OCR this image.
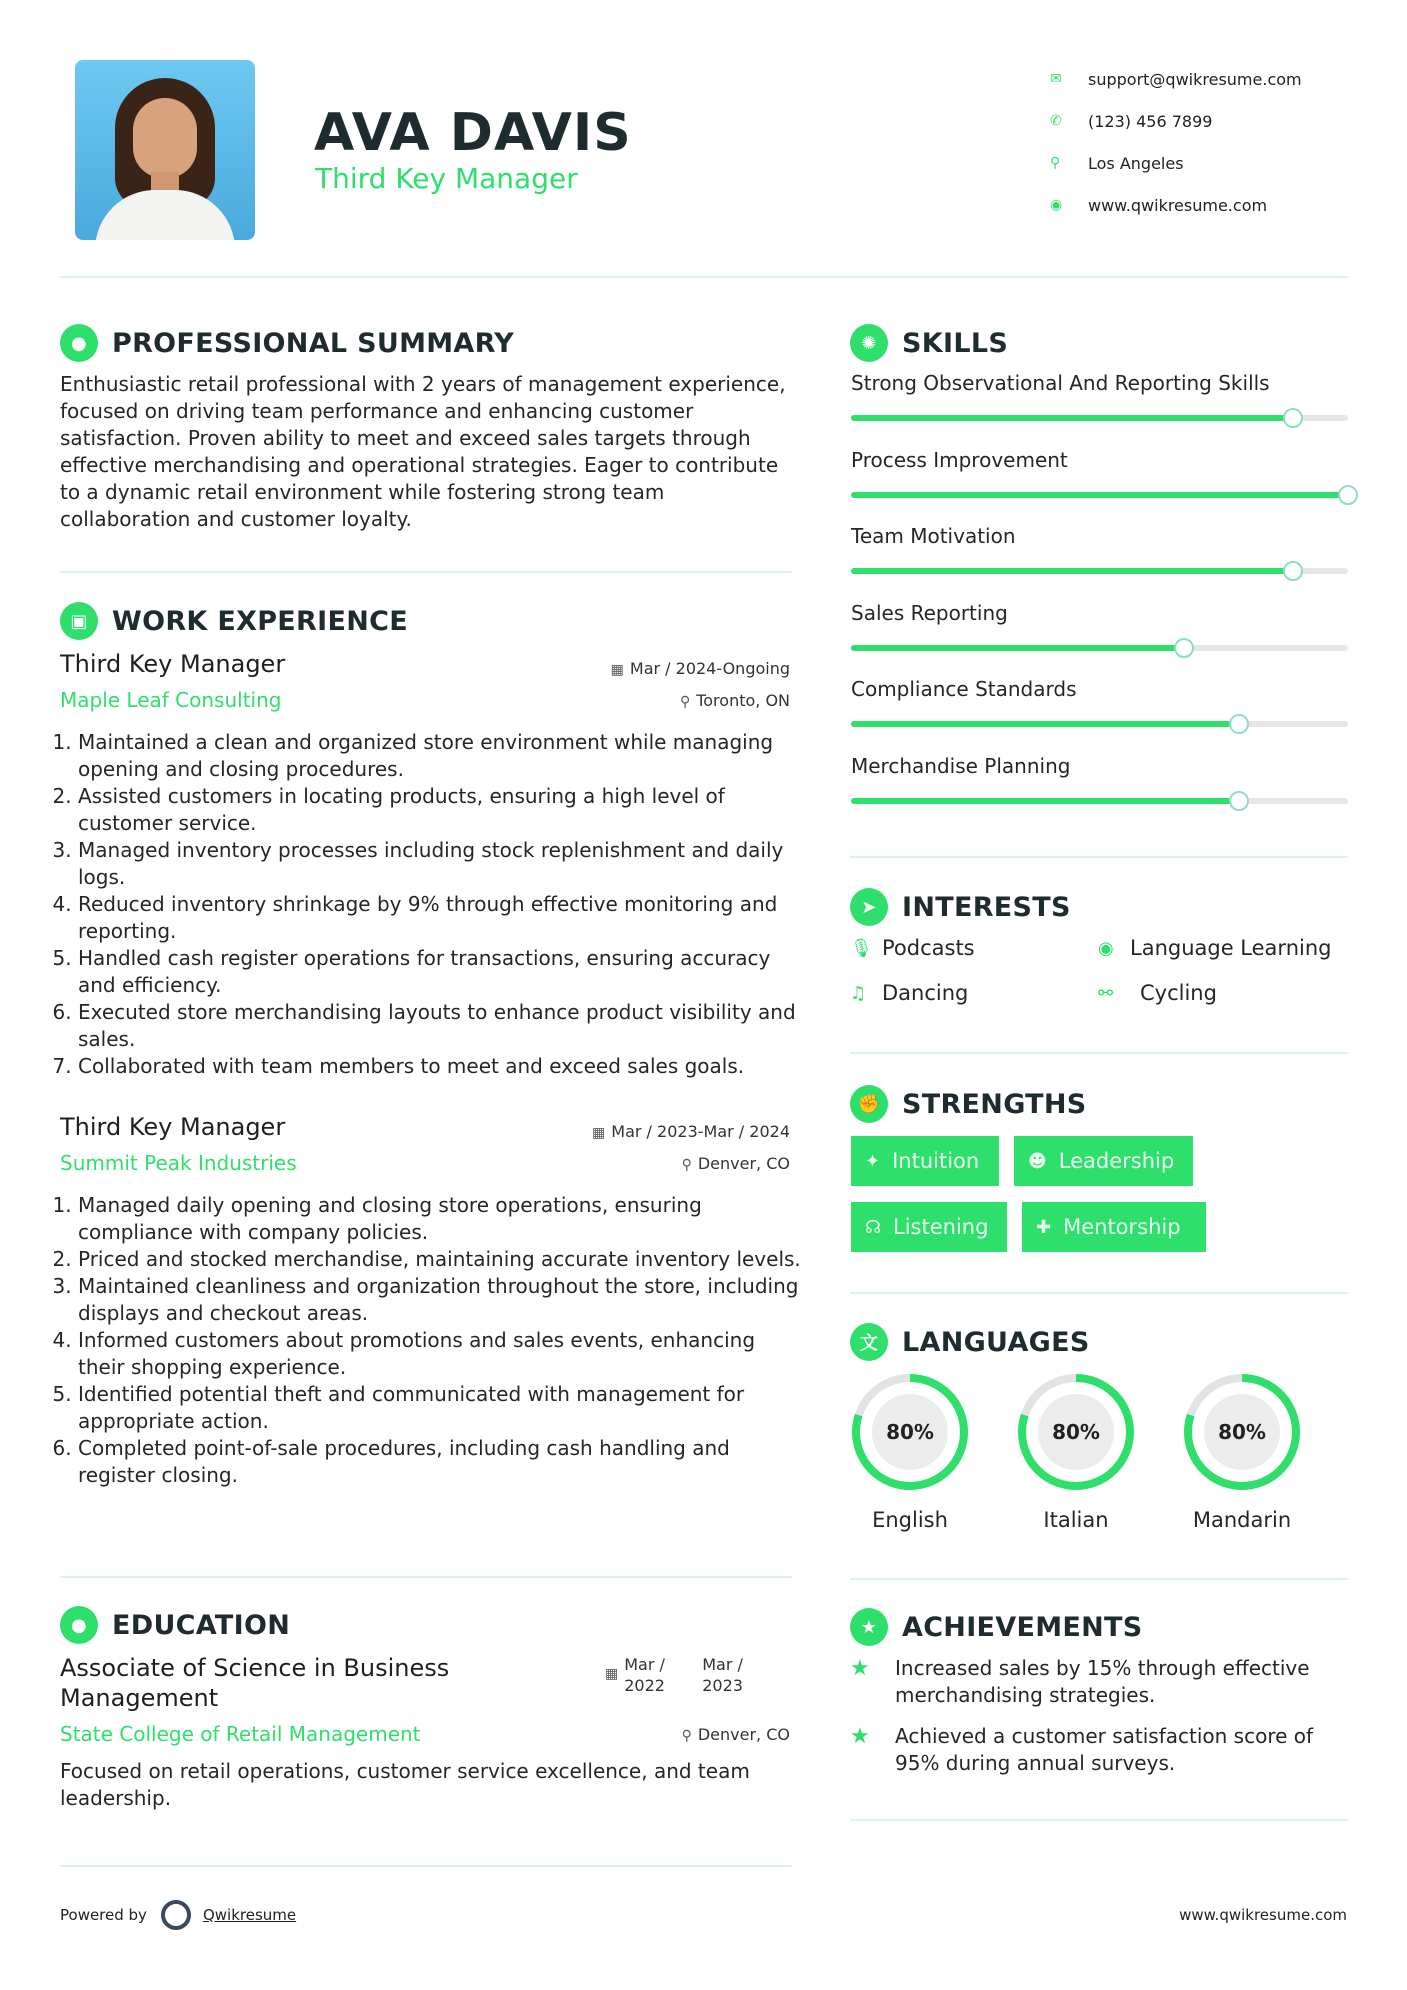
AVA DAVIS
Third Key Manager
✉	support@qwikresume.com
✆	(123) 456 7899
⚲	Los Angeles
◉	www.qwikresume.com
● PROFESSIONAL SUMMARY
Enthusiastic retail professional with 2 years of management experience, focused on driving team performance and enhancing customer satisfaction. Proven ability to meet and exceed sales targets through effective merchandising and operational strategies. Eager to contribute to a dynamic retail environment while fostering strong team collaboration and customer loyalty.
▣ WORK EXPERIENCE
Third Key Manager	▦ Mar / 2024-Ongoing
Maple Leaf Consulting	⚲ Toronto, ON
1. Maintained a clean and organized store environment while managing opening and closing procedures.
2. Assisted customers in locating products, ensuring a high level of customer service.
3. Managed inventory processes including stock replenishment and daily logs.
4. Reduced inventory shrinkage by 9% through effective monitoring and reporting.
5. Handled cash register operations for transactions, ensuring accuracy and efficiency.
6. Executed store merchandising layouts to enhance product visibility and sales.
7. Collaborated with team members to meet and exceed sales goals.
Third Key Manager	▦ Mar / 2023-Mar / 2024
Summit Peak Industries	⚲ Denver, CO
1. Managed daily opening and closing store operations, ensuring compliance with company policies.
2. Priced and stocked merchandise, maintaining accurate inventory levels.
3. Maintained cleanliness and organization throughout the store, including displays and checkout areas.
4. Informed customers about promotions and sales events, enhancing their shopping experience.
5. Identified potential theft and communicated with management for appropriate action.
6. Completed point-of-sale procedures, including cash handling and register closing.
● EDUCATION
Associate of Science in Business Management
▦ Mar / 2022
Mar / 2023
State College of Retail Management	⚲ Denver, CO
Focused on retail operations, customer service excellence, and team leadership.
✺ SKILLS
Strong Observational And Reporting Skills
Process Improvement
Team Motivation
Sales Reporting
Compliance Standards
Merchandise Planning
➤ INTERESTS
🎙 Podcasts	◉ Language Learning
♫ Dancing	⚯	Cycling
✊ STRENGTHS
✦ Intuition	☻ Leadership
☊ Listening	✚ Mentorship
文 LANGUAGES
80%
English
80%
Italian
80%
Mandarin
★ ACHIEVEMENTS
★	Increased sales by 15% through effective merchandising strategies.
★	Achieved a customer satisfaction score of 95% during annual surveys.
Powered by	Qwikresume	www.qwikresume.com
